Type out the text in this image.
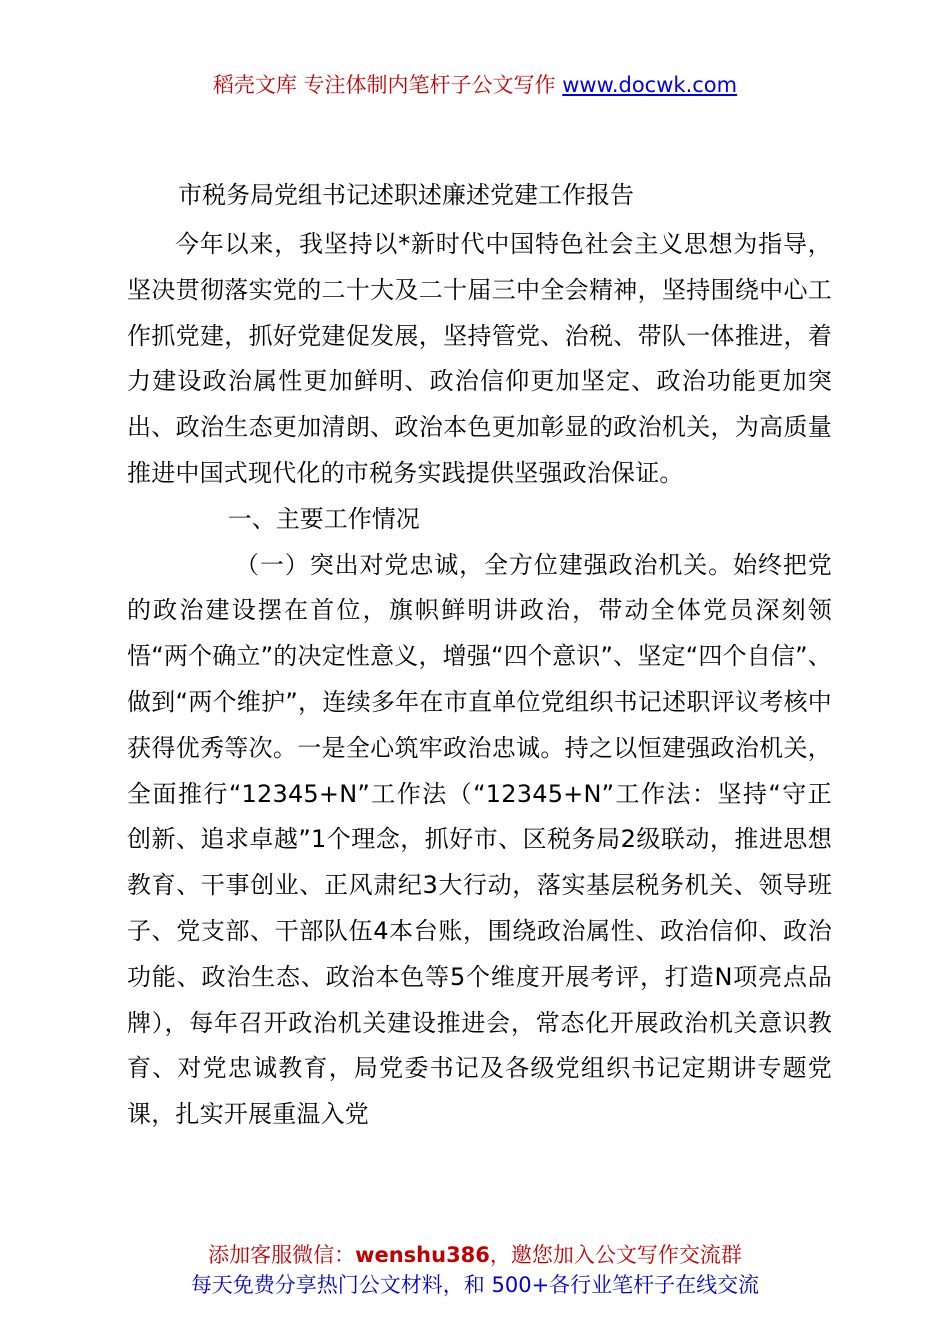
稻壳文库 专注体制内笔杆子公文写作 www.docwk.com
市税务局党组书记述职述廉述党建工作报告

今年以来，我坚持以*新时代中国特色社会主义思想为指导，坚决贯彻落实党的二十大及二十届三中全会精神，坚持围绕中心工作抓党建，抓好党建促发展，坚持管党、治税、带队一体推进，着力建设政治属性更加鲜明、政治信仰更加坚定、政治功能更加突出、政治生态更加清朗、政治本色更加彰显的政治机关，为高质量推进中国式现代化的市税务实践提供坚强政治保证。

一、主要工作情况

（一）突出对党忠诚，全方位建强政治机关。始终把党的政治建设摆在首位，旗帜鲜明讲政治，带动全体党员深刻领悟“两个确立”的决定性意义，增强“四个意识”、坚定“四个自信”、做到“两个维护”，连续多年在市直单位党组织书记述职评议考核中获得优秀等次。一是全心筑牢政治忠诚。持之以恒建强政治机关，全面推行“12345+N”工作法（“12345+N”工作法：坚持“守正创新、追求卓越”1个理念，抓好市、区税务局2级联动，推进思想教育、干事创业、正风肃纪3大行动，落实基层税务机关、领导班子、党支部、干部队伍4本台账，围绕政治属性、政治信仰、政治功能、政治生态、政治本色等5个维度开展考评，打造N项亮点品牌），每年召开政治机关建设推进会，常态化开展政治机关意识教育、对党忠诚教育，局党委书记及各级党组织书记定期讲专题党课，扎实开展重温入党

添加客服微信：wenshu386，邀您加入公文写作交流群
每天免费分享热门公文材料，和 500+各行业笔杆子在线交流
